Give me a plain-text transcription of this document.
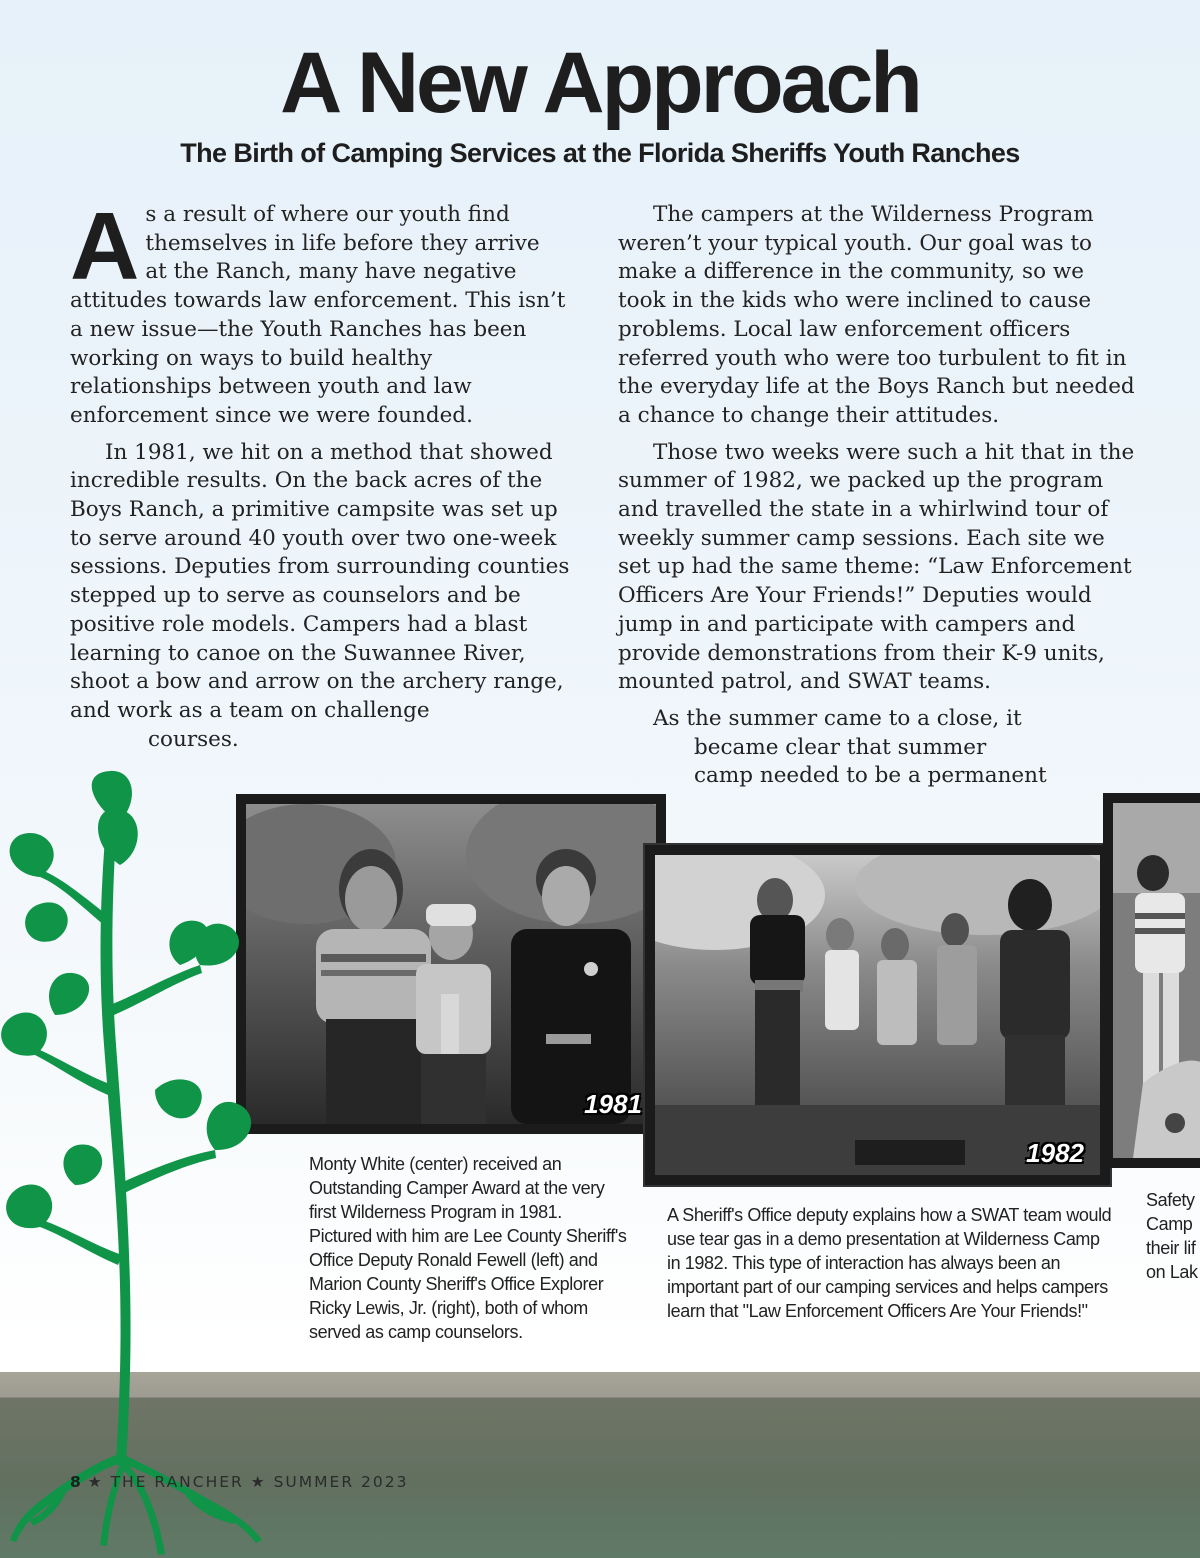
A New Approach
The Birth of Camping Services at the Florida Sheriffs Youth Ranches

A s a result of where our youth find
themselves in life before they arrive
at the Ranch, many have negative
attitudes towards law enforcement. This isn’t a new issue—the Youth Ranches has been working on ways to build healthy relationships between youth and law enforcement since we were founded.

In 1981, we hit on a method that showed incredible results. On the back acres of the Boys Ranch, a primitive campsite was set up to serve around 40 youth over two one-week sessions. Deputies from surrounding counties stepped up to serve as counselors and be positive role models. Campers had a blast learning to canoe on the Suwannee River, shoot a bow and arrow on the archery range, and work as a team on challenge
courses.

The campers at the Wilderness Program weren’t your typical youth. Our goal was to make a difference in the community, so we took in the kids who were inclined to cause problems. Local law enforcement officers referred youth who were too turbulent to fit in the everyday life at the Boys Ranch but needed a chance to change their attitudes.

Those two weeks were such a hit that in the summer of 1982, we packed up the program and travelled the state in a whirlwind tour of weekly summer camp sessions. Each site we set up had the same theme: “Law Enforcement Officers Are Your Friends!” Deputies would jump in and participate with campers and provide demonstrations from their K-9 units, mounted patrol, and SWAT teams.

As the summer came to a close, it
became clear that summer
camp needed to be a permanent

1981
1982
Monty White (center) received an Outstanding Camper Award at the very first Wilderness Program in 1981. Pictured with him are Lee County Sheriff's Office Deputy Ronald Fewell (left) and Marion County Sheriff's Office Explorer Ricky Lewis, Jr. (right), both of whom served as camp counselors.
A Sheriff's Office deputy explains how a SWAT team would use tear gas in a demo presentation at Wilderness Camp in 1982. This type of interaction has always been an important part of our camping services and helps campers learn that "Law Enforcement Officers Are Your Friends!"
Safety
Camp
their lif
on Lak
8 ★ THE RANCHER ★ SUMMER 2023
